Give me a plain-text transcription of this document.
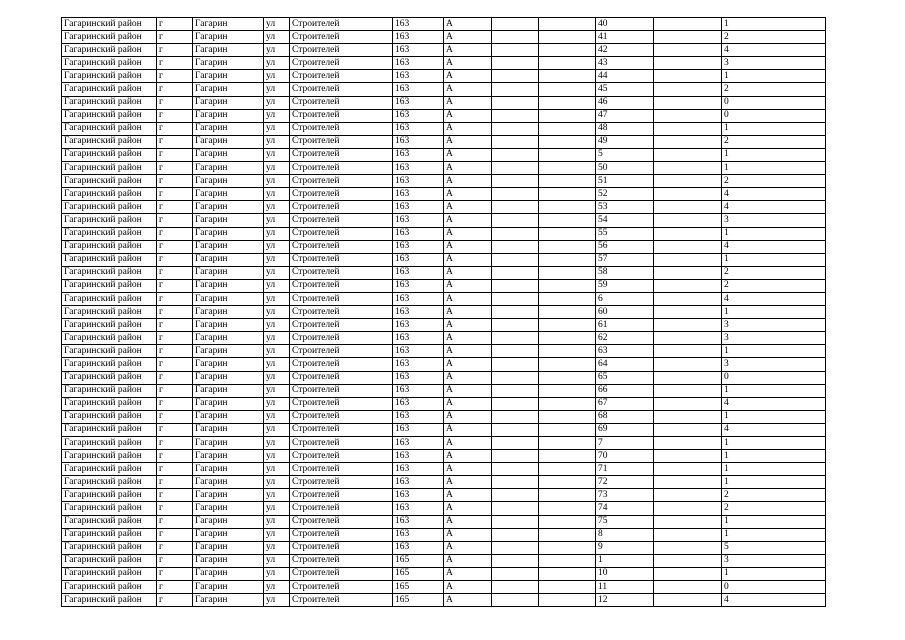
Гагаринский район	г	Гагарин	ул	Строителей	163	А			40		1
Гагаринский район	г	Гагарин	ул	Строителей	163	А			41		2
Гагаринский район	г	Гагарин	ул	Строителей	163	А			42		4
Гагаринский район	г	Гагарин	ул	Строителей	163	А			43		3
Гагаринский район	г	Гагарин	ул	Строителей	163	А			44		1
Гагаринский район	г	Гагарин	ул	Строителей	163	А			45		2
Гагаринский район	г	Гагарин	ул	Строителей	163	А			46		0
Гагаринский район	г	Гагарин	ул	Строителей	163	А			47		0
Гагаринский район	г	Гагарин	ул	Строителей	163	А			48		1
Гагаринский район	г	Гагарин	ул	Строителей	163	А			49		2
Гагаринский район	г	Гагарин	ул	Строителей	163	А			5		1
Гагаринский район	г	Гагарин	ул	Строителей	163	А			50		1
Гагаринский район	г	Гагарин	ул	Строителей	163	А			51		2
Гагаринский район	г	Гагарин	ул	Строителей	163	А			52		4
Гагаринский район	г	Гагарин	ул	Строителей	163	А			53		4
Гагаринский район	г	Гагарин	ул	Строителей	163	А			54		3
Гагаринский район	г	Гагарин	ул	Строителей	163	А			55		1
Гагаринский район	г	Гагарин	ул	Строителей	163	А			56		4
Гагаринский район	г	Гагарин	ул	Строителей	163	А			57		1
Гагаринский район	г	Гагарин	ул	Строителей	163	А			58		2
Гагаринский район	г	Гагарин	ул	Строителей	163	А			59		2
Гагаринский район	г	Гагарин	ул	Строителей	163	А			6		4
Гагаринский район	г	Гагарин	ул	Строителей	163	А			60		1
Гагаринский район	г	Гагарин	ул	Строителей	163	А			61		3
Гагаринский район	г	Гагарин	ул	Строителей	163	А			62		3
Гагаринский район	г	Гагарин	ул	Строителей	163	А			63		1
Гагаринский район	г	Гагарин	ул	Строителей	163	А			64		3
Гагаринский район	г	Гагарин	ул	Строителей	163	А			65		0
Гагаринский район	г	Гагарин	ул	Строителей	163	А			66		1
Гагаринский район	г	Гагарин	ул	Строителей	163	А			67		4
Гагаринский район	г	Гагарин	ул	Строителей	163	А			68		1
Гагаринский район	г	Гагарин	ул	Строителей	163	А			69		4
Гагаринский район	г	Гагарин	ул	Строителей	163	А			7		1
Гагаринский район	г	Гагарин	ул	Строителей	163	А			70		1
Гагаринский район	г	Гагарин	ул	Строителей	163	А			71		1
Гагаринский район	г	Гагарин	ул	Строителей	163	А			72		1
Гагаринский район	г	Гагарин	ул	Строителей	163	А			73		2
Гагаринский район	г	Гагарин	ул	Строителей	163	А			74		2
Гагаринский район	г	Гагарин	ул	Строителей	163	А			75		1
Гагаринский район	г	Гагарин	ул	Строителей	163	А			8		1
Гагаринский район	г	Гагарин	ул	Строителей	163	А			9		5
Гагаринский район	г	Гагарин	ул	Строителей	165	А			1		3
Гагаринский район	г	Гагарин	ул	Строителей	165	А			10		1
Гагаринский район	г	Гагарин	ул	Строителей	165	А			11		0
Гагаринский район	г	Гагарин	ул	Строителей	165	А			12		4
